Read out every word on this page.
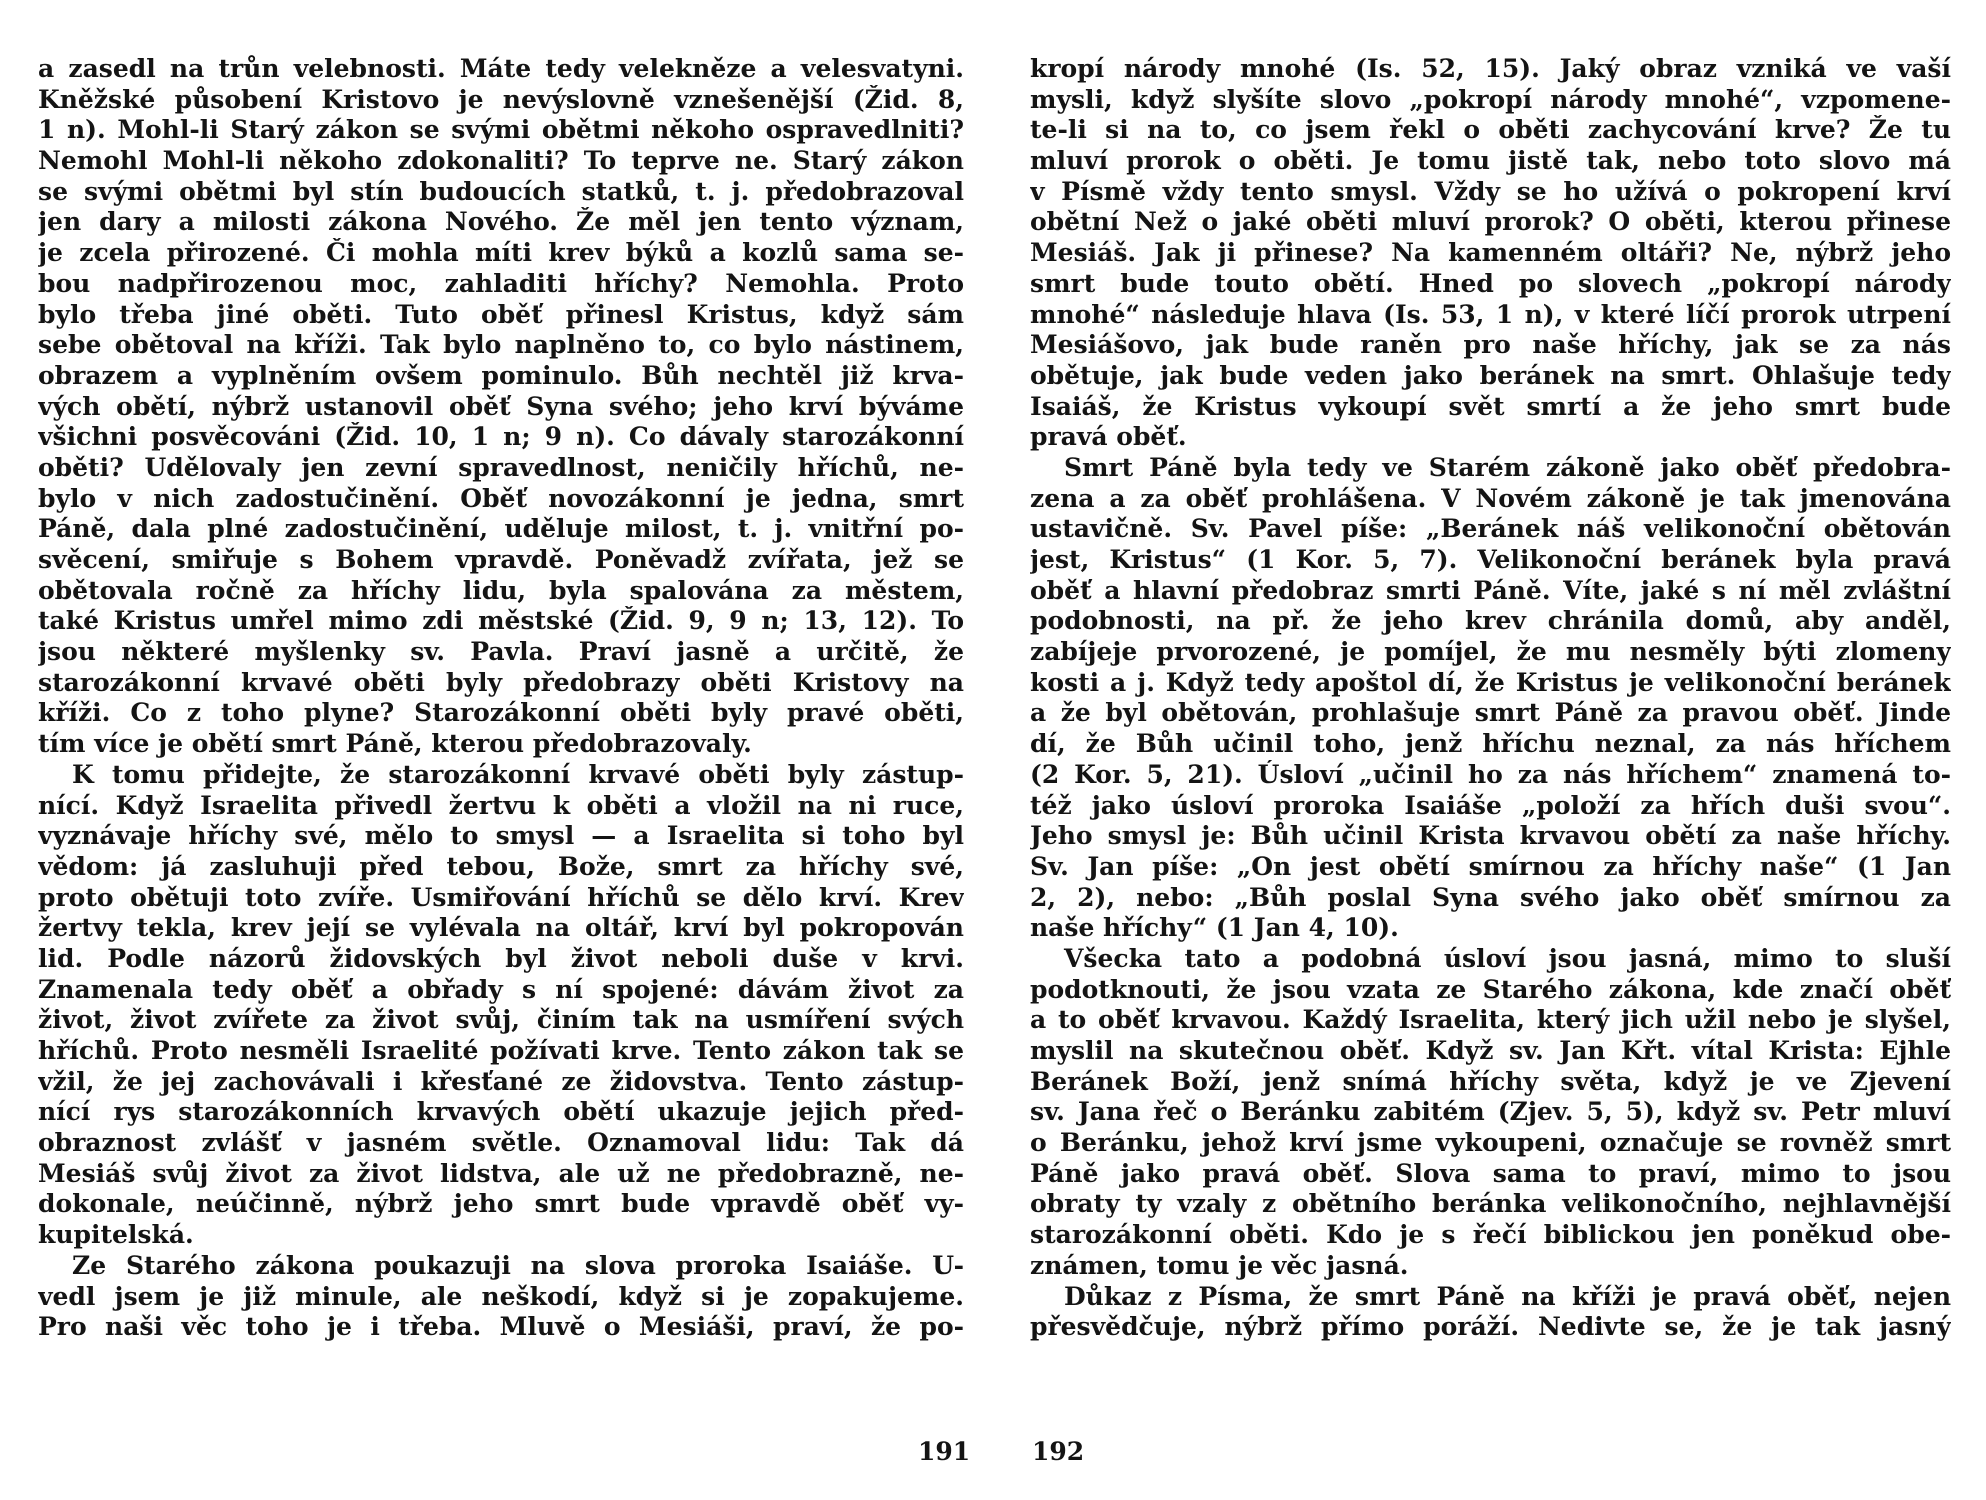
a zasedl na trůn velebnosti. Máte tedy velekněze a velesvatyni.
Kněžské působení Kristovo je nevýslovně vznešenější (Žid. 8,
1 n). Mohl-li Starý zákon se svými obětmi někoho ospravedlniti?
Nemohl Mohl-li někoho zdokonaliti? To teprve ne. Starý zákon
se svými obětmi byl stín budoucích statků, t. j. předobrazoval
jen dary a milosti zákona Nového. Že měl jen tento význam,
je zcela přirozené. Či mohla míti krev býků a kozlů sama se-
bou nadpřirozenou moc, zahladiti hříchy? Nemohla. Proto
bylo třeba jiné oběti. Tuto oběť přinesl Kristus, když sám
sebe obětoval na kříži. Tak bylo naplněno to, co bylo nástinem,
obrazem a vyplněním ovšem pominulo. Bůh nechtěl již krva-
vých obětí, nýbrž ustanovil oběť Syna svého; jeho krví býváme
všichni posvěcováni (Žid. 10, 1 n; 9 n). Co dávaly starozákonní
oběti? Udělovaly jen zevní spravedlnost, neničily hříchů, ne-
bylo v nich zadostučinění. Oběť novozákonní je jedna, smrt
Páně, dala plné zadostučinění, uděluje milost, t. j. vnitřní po-
svěcení, smiřuje s Bohem vpravdě. Poněvadž zvířata, jež se
obětovala ročně za hříchy lidu, byla spalována za městem,
také Kristus umřel mimo zdi městské (Žid. 9, 9 n; 13, 12). To
jsou některé myšlenky sv. Pavla. Praví jasně a určitě, že
starozákonní krvavé oběti byly předobrazy oběti Kristovy na
kříži. Co z toho plyne? Starozákonní oběti byly pravé oběti,
tím více je obětí smrt Páně, kterou předobrazovaly.
K tomu přidejte, že starozákonní krvavé oběti byly zástup-
nící. Když Israelita přivedl žertvu k oběti a vložil na ni ruce,
vyznávaje hříchy své, mělo to smysl — a Israelita si toho byl
vědom: já zasluhuji před tebou, Bože, smrt za hříchy své,
proto obětuji toto zvíře. Usmiřování hříchů se dělo krví. Krev
žertvy tekla, krev její se vylévala na oltář, krví byl pokropován
lid. Podle názorů židovských byl život neboli duše v krvi.
Znamenala tedy oběť a obřady s ní spojené: dávám život za
život, život zvířete za život svůj, činím tak na usmíření svých
hříchů. Proto nesměli Israelité požívati krve. Tento zákon tak se
vžil, že jej zachovávali i křesťané ze židovstva. Tento zástup-
nící rys starozákonních krvavých obětí ukazuje jejich před-
obraznost zvlášť v jasném světle. Oznamoval lidu: Tak dá
Mesiáš svůj život za život lidstva, ale už ne předobrazně, ne-
dokonale, neúčinně, nýbrž jeho smrt bude vpravdě oběť vy-
kupitelská.
Ze Starého zákona poukazuji na slova proroka Isaiáše. U-
vedl jsem je již minule, ale neškodí, když si je zopakujeme.
Pro naši věc toho je i třeba. Mluvě o Mesiáši, praví, že po-
kropí národy mnohé (Is. 52, 15). Jaký obraz vzniká ve vaší
mysli, když slyšíte slovo „pokropí národy mnohé“, vzpomene-
te-li si na to, co jsem řekl o oběti zachycování krve? Že tu
mluví prorok o oběti. Je tomu jistě tak, nebo toto slovo má
v Písmě vždy tento smysl. Vždy se ho užívá o pokropení krví
obětní Než o jaké oběti mluví prorok? O oběti, kterou přinese
Mesiáš. Jak ji přinese? Na kamenném oltáři? Ne, nýbrž jeho
smrt bude touto obětí. Hned po slovech „pokropí národy
mnohé“ následuje hlava (Is. 53, 1 n), v které líčí prorok utrpení
Mesiášovo, jak bude raněn pro naše hříchy, jak se za nás
obětuje, jak bude veden jako beránek na smrt. Ohlašuje tedy
Isaiáš, že Kristus vykoupí svět smrtí a že jeho smrt bude
pravá oběť.
Smrt Páně byla tedy ve Starém zákoně jako oběť předobra-
zena a za oběť prohlášena. V Novém zákoně je tak jmenována
ustavičně. Sv. Pavel píše: „Beránek náš velikonoční obětován
jest, Kristus“ (1 Kor. 5, 7). Velikonoční beránek byla pravá
oběť a hlavní předobraz smrti Páně. Víte, jaké s ní měl zvláštní
podobnosti, na př. že jeho krev chránila domů, aby anděl,
zabíjeje prvorozené, je pomíjel, že mu nesměly býti zlomeny
kosti a j. Když tedy apoštol dí, že Kristus je velikonoční beránek
a že byl obětován, prohlašuje smrt Páně za pravou oběť. Jinde
dí, že Bůh učinil toho, jenž hříchu neznal, za nás hříchem
(2 Kor. 5, 21). Úsloví „učinil ho za nás hříchem“ znamená to-
též jako úsloví proroka Isaiáše „položí za hřích duši svou“.
Jeho smysl je: Bůh učinil Krista krvavou obětí za naše hříchy.
Sv. Jan píše: „On jest obětí smírnou za hříchy naše“ (1 Jan
2, 2), nebo: „Bůh poslal Syna svého jako oběť smírnou za
naše hříchy“ (1 Jan 4, 10).
Všecka tato a podobná úsloví jsou jasná, mimo to sluší
podotknouti, že jsou vzata ze Starého zákona, kde značí oběť
a to oběť krvavou. Každý Israelita, který jich užil nebo je slyšel,
myslil na skutečnou oběť. Když sv. Jan Křt. vítal Krista: Ejhle
Beránek Boží, jenž snímá hříchy světa, když je ve Zjevení
sv. Jana řeč o Beránku zabitém (Zjev. 5, 5), když sv. Petr mluví
o Beránku, jehož krví jsme vykoupeni, označuje se rovněž smrt
Páně jako pravá oběť. Slova sama to praví, mimo to jsou
obraty ty vzaly z obětního beránka velikonočního, nejhlavnější
starozákonní oběti. Kdo je s řečí biblickou jen poněkud obe-
známen, tomu je věc jasná.
Důkaz z Písma, že smrt Páně na kříži je pravá oběť, nejen
přesvědčuje, nýbrž přímo poráží. Nedivte se, že je tak jasný
191 192
